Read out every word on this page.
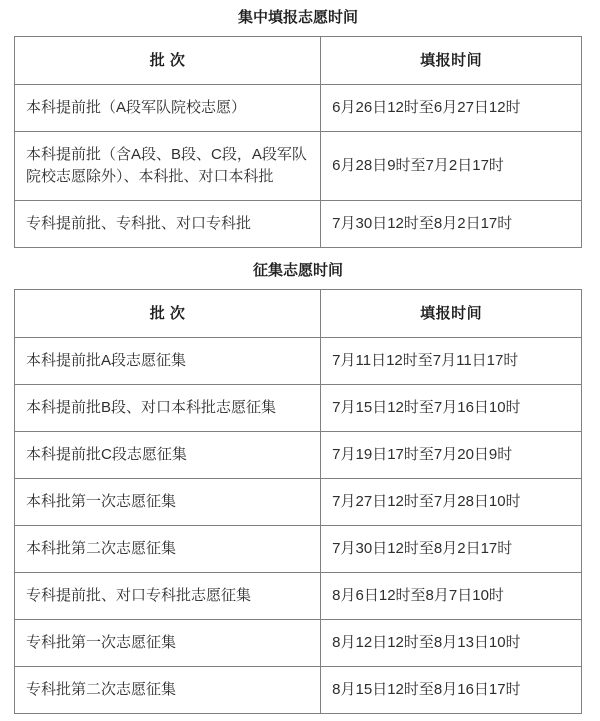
集中填报志愿时间
批 次	填报时间
本科提前批（A段军队院校志愿）	6月26日12时至6月27日12时
本科提前批（含A段、B段、C段，A段军队院校志愿除外）、本科批、对口本科批	6月28日9时至7月2日17时
专科提前批、专科批、对口专科批	7月30日12时至8月2日17时
征集志愿时间
批 次	填报时间
本科提前批A段志愿征集	7月11日12时至7月11日17时
本科提前批B段、对口本科批志愿征集	7月15日12时至7月16日10时
本科提前批C段志愿征集	7月19日17时至7月20日9时
本科批第一次志愿征集	7月27日12时至7月28日10时
本科批第二次志愿征集	7月30日12时至8月2日17时
专科提前批、对口专科批志愿征集	8月6日12时至8月7日10时
专科批第一次志愿征集	8月12日12时至8月13日10时
专科批第二次志愿征集	8月15日12时至8月16日17时
